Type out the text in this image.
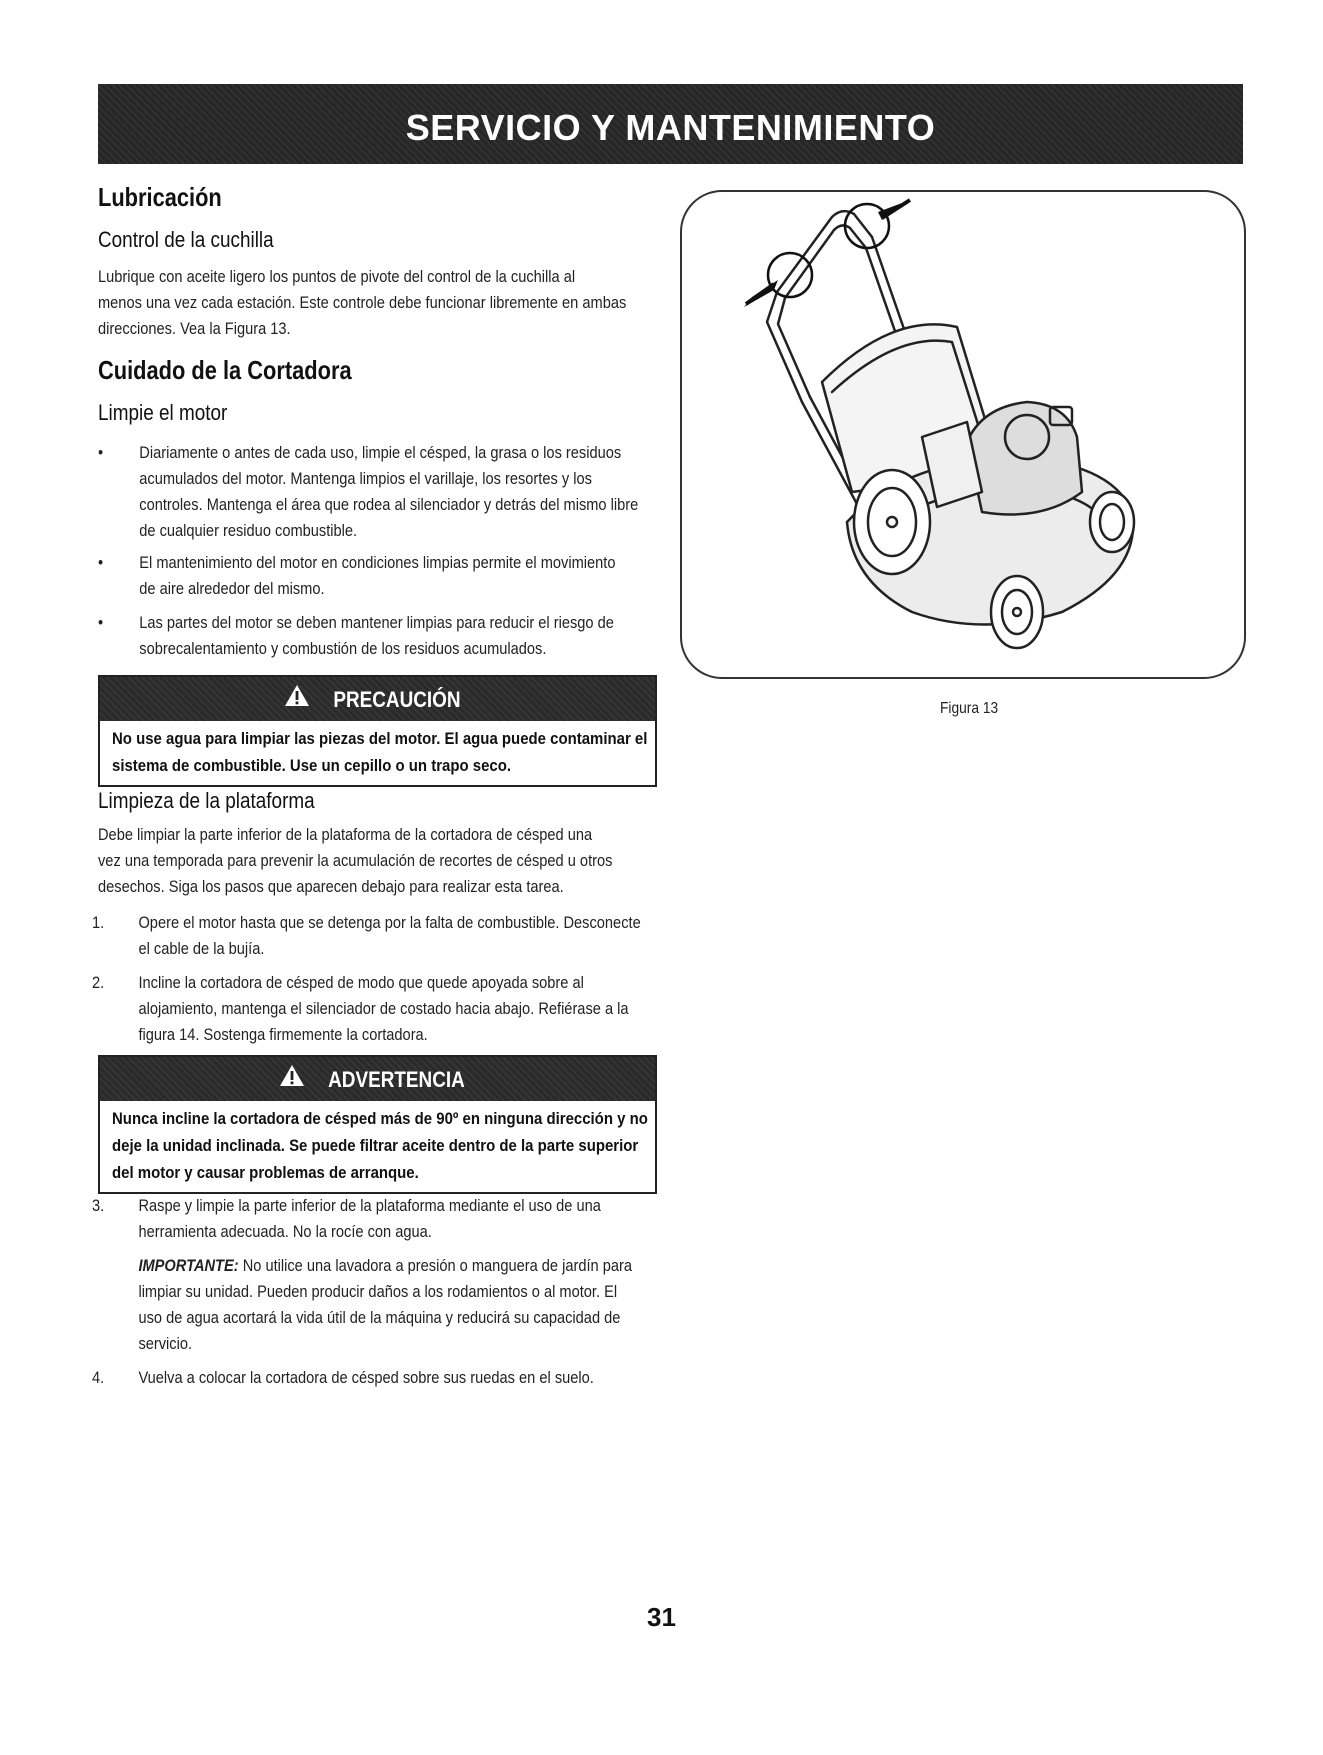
SERVICIO Y MANTENIMIENTO
Lubricación
Control de la cuchilla
Lubrique con aceite ligero los puntos de pivote del control de la cuchilla al
menos una vez cada estación. Este controle debe funcionar libremente en ambas
direcciones. Vea la Figura 13.
Cuidado de la Cortadora
Limpie el motor
•	Diariamente o antes de cada uso, limpie el césped, la grasa o los residuos
acumulados del motor. Mantenga limpios el varillaje, los resortes y los
controles. Mantenga el área que rodea al silenciador y detrás del mismo libre
de cualquier residuo combustible.
•	El mantenimiento del motor en condiciones limpias permite el movimiento
de aire alrededor del mismo.
•	Las partes del motor se deben mantener limpias para reducir el riesgo de
sobrecalentamiento y combustión de los residuos acumulados.
PRECAUCIÓN
No use agua para limpiar las piezas del motor. El agua puede contaminar el
sistema de combustible. Use un cepillo o un trapo seco.
Limpieza de la plataforma
Debe limpiar la parte inferior de la plataforma de la cortadora de césped una
vez una temporada para prevenir la acumulación de recortes de césped u otros
desechos. Siga los pasos que aparecen debajo para realizar esta tarea.
1.	Opere el motor hasta que se detenga por la falta de combustible. Desconecte
el cable de la bujía.
2.	Incline la cortadora de césped de modo que quede apoyada sobre al
alojamiento, mantenga el silenciador de costado hacia abajo. Refiérase a la
figura 14. Sostenga firmemente la cortadora.
ADVERTENCIA
Nunca incline la cortadora de césped más de 90º en ninguna dirección y no
deje la unidad inclinada. Se puede filtrar aceite dentro de la parte superior
del motor y causar problemas de arranque.
3.	Raspe y limpie la parte inferior de la plataforma mediante el uso de una
herramienta adecuada. No la rocíe con agua.
IMPORTANTE: No utilice una lavadora a presión o manguera de jardín para
limpiar su unidad. Pueden producir daños a los rodamientos o al motor. El
uso de agua acortará la vida útil de la máquina y reducirá su capacidad de
servicio.
4.	Vuelva a colocar la cortadora de césped sobre sus ruedas en el suelo.
Figura 13
31
